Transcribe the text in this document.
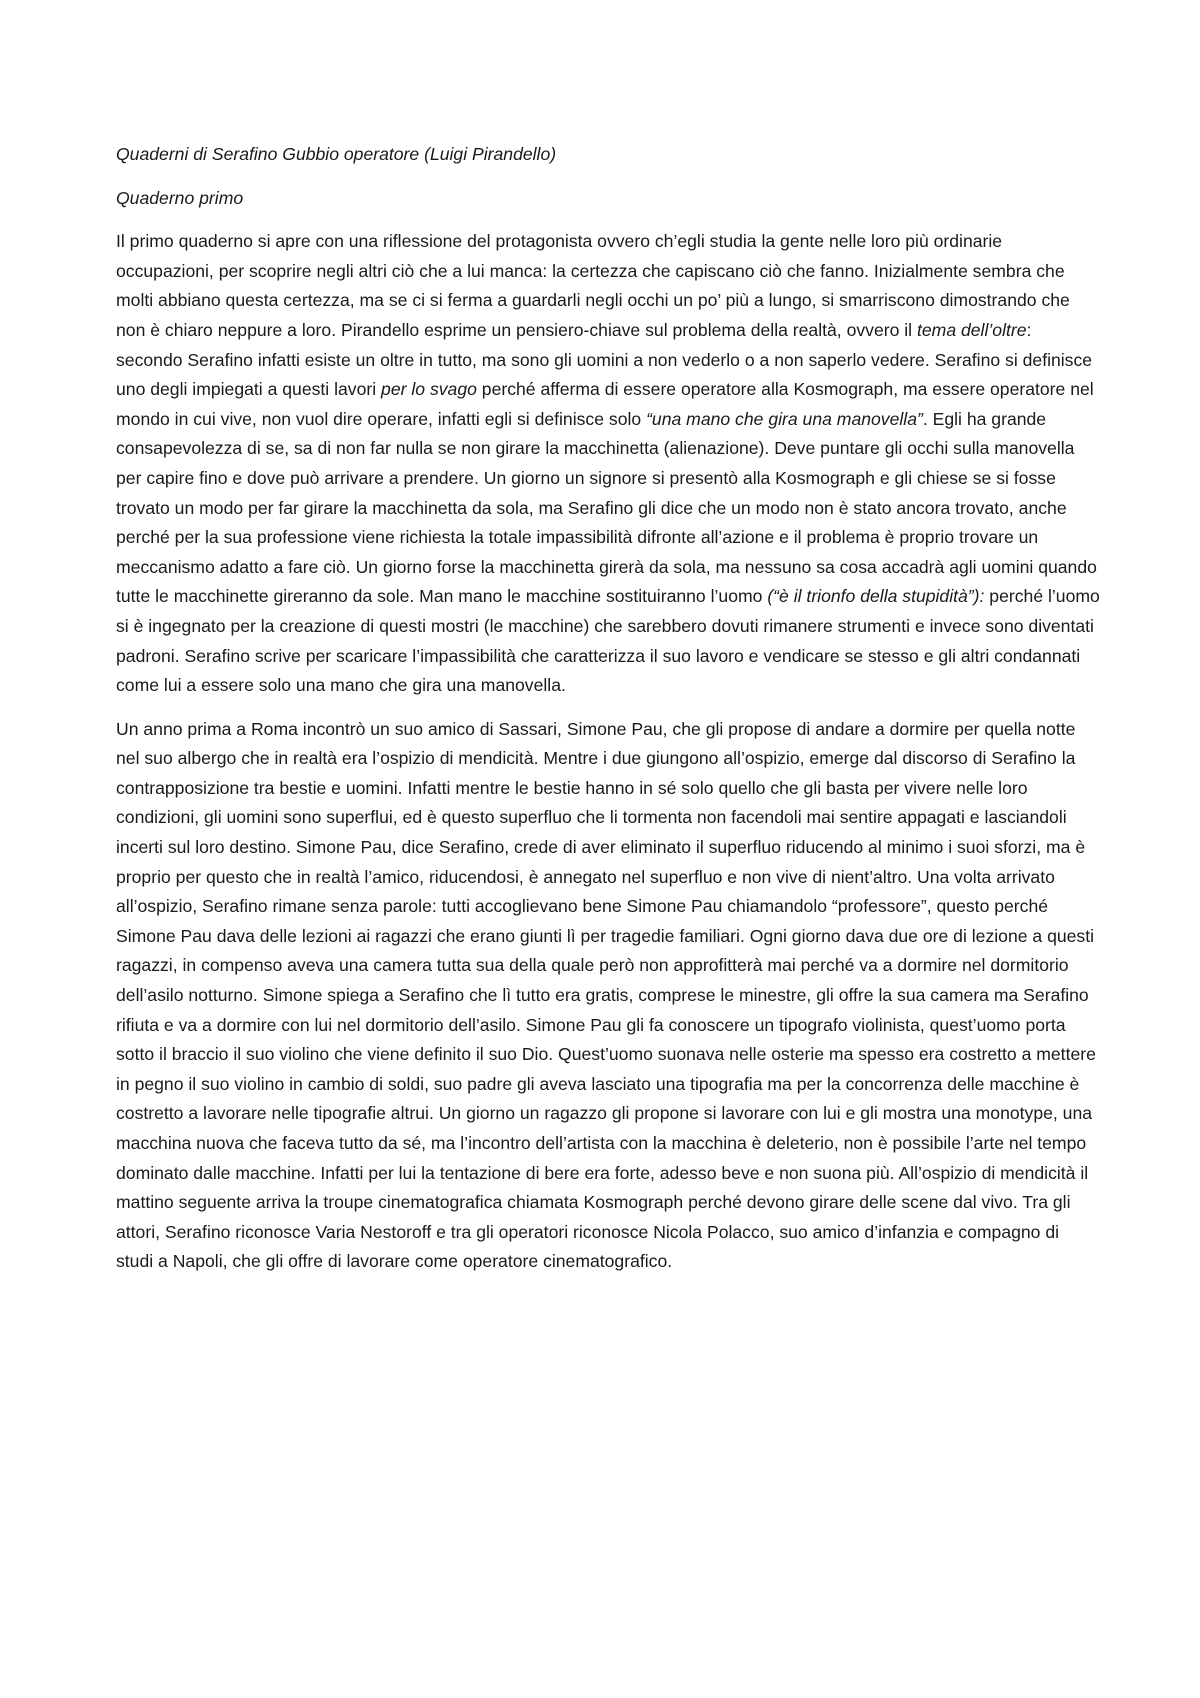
Quaderni di Serafino Gubbio operatore (Luigi Pirandello)

Quaderno primo

Il primo quaderno si apre con una riflessione del protagonista ovvero ch’egli studia la gente nelle loro più ordinarie occupazioni, per scoprire negli altri ciò che a lui manca: la certezza che capiscano ciò che fanno. Inizialmente sembra che molti abbiano questa certezza, ma se ci si ferma a guardarli negli occhi un po’ più a lungo, si smarriscono dimostrando che non è chiaro neppure a loro. Pirandello esprime un pensiero-chiave sul problema della realtà, ovvero il tema dell’oltre: secondo Serafino infatti esiste un oltre in tutto, ma sono gli uomini a non vederlo o a non saperlo vedere. Serafino si definisce uno degli impiegati a questi lavori per lo svago perché afferma di essere operatore alla Kosmograph, ma essere operatore nel mondo in cui vive, non vuol dire operare, infatti egli si definisce solo “una mano che gira una manovella”. Egli ha grande consapevolezza di se, sa di non far nulla se non girare la macchinetta (alienazione). Deve puntare gli occhi sulla manovella per capire fino e dove può arrivare a prendere. Un giorno un signore si presentò alla Kosmograph e gli chiese se si fosse trovato un modo per far girare la macchinetta da sola, ma Serafino gli dice che un modo non è stato ancora trovato, anche perché per la sua professione viene richiesta la totale impassibilità difronte all’azione e il problema è proprio trovare un meccanismo adatto a fare ciò. Un giorno forse la macchinetta girerà da sola, ma nessuno sa cosa accadrà agli uomini quando tutte le macchinette gireranno da sole. Man mano le macchine sostituiranno l’uomo (“è il trionfo della stupidità”): perché l’uomo si è ingegnato per la creazione di questi mostri (le macchine) che sarebbero dovuti rimanere strumenti e invece sono diventati padroni. Serafino scrive per scaricare l’impassibilità che caratterizza il suo lavoro e vendicare se stesso e gli altri condannati come lui a essere solo una mano che gira una manovella.

Un anno prima a Roma incontrò un suo amico di Sassari, Simone Pau, che gli propose di andare a dormire per quella notte nel suo albergo che in realtà era l’ospizio di mendicità. Mentre i due giungono all’ospizio, emerge dal discorso di Serafino la contrapposizione tra bestie e uomini. Infatti mentre le bestie hanno in sé solo quello che gli basta per vivere nelle loro condizioni, gli uomini sono superflui, ed è questo superfluo che li tormenta non facendoli mai sentire appagati e lasciandoli incerti sul loro destino. Simone Pau, dice Serafino, crede di aver eliminato il superfluo riducendo al minimo i suoi sforzi, ma è proprio per questo che in realtà l’amico, riducendosi, è annegato nel superfluo e non vive di nient’altro. Una volta arrivato all’ospizio, Serafino rimane senza parole: tutti accoglievano bene Simone Pau chiamandolo “professore”, questo perché Simone Pau dava delle lezioni ai ragazzi che erano giunti lì per tragedie familiari. Ogni giorno dava due ore di lezione a questi ragazzi, in compenso aveva una camera tutta sua della quale però non approfitterà mai perché va a dormire nel dormitorio dell’asilo notturno. Simone spiega a Serafino che lì tutto era gratis, comprese le minestre, gli offre la sua camera ma Serafino rifiuta e va a dormire con lui nel dormitorio dell’asilo. Simone Pau gli fa conoscere un tipografo violinista, quest’uomo porta sotto il braccio il suo violino che viene definito il suo Dio. Quest’uomo suonava nelle osterie ma spesso era costretto a mettere in pegno il suo violino in cambio di soldi, suo padre gli aveva lasciato una tipografia ma per la concorrenza delle macchine è costretto a lavorare nelle tipografie altrui. Un giorno un ragazzo gli propone si lavorare con lui e gli mostra una monotype, una macchina nuova che faceva tutto da sé, ma l’incontro dell’artista con la macchina è deleterio, non è possibile l’arte nel tempo dominato dalle macchine. Infatti per lui la tentazione di bere era forte, adesso beve e non suona più. All’ospizio di mendicità il mattino seguente arriva la troupe cinematografica chiamata Kosmograph perché devono girare delle scene dal vivo. Tra gli attori, Serafino riconosce Varia Nestoroff e tra gli operatori riconosce Nicola Polacco, suo amico d’infanzia e compagno di studi a Napoli, che gli offre di lavorare come operatore cinematografico.
